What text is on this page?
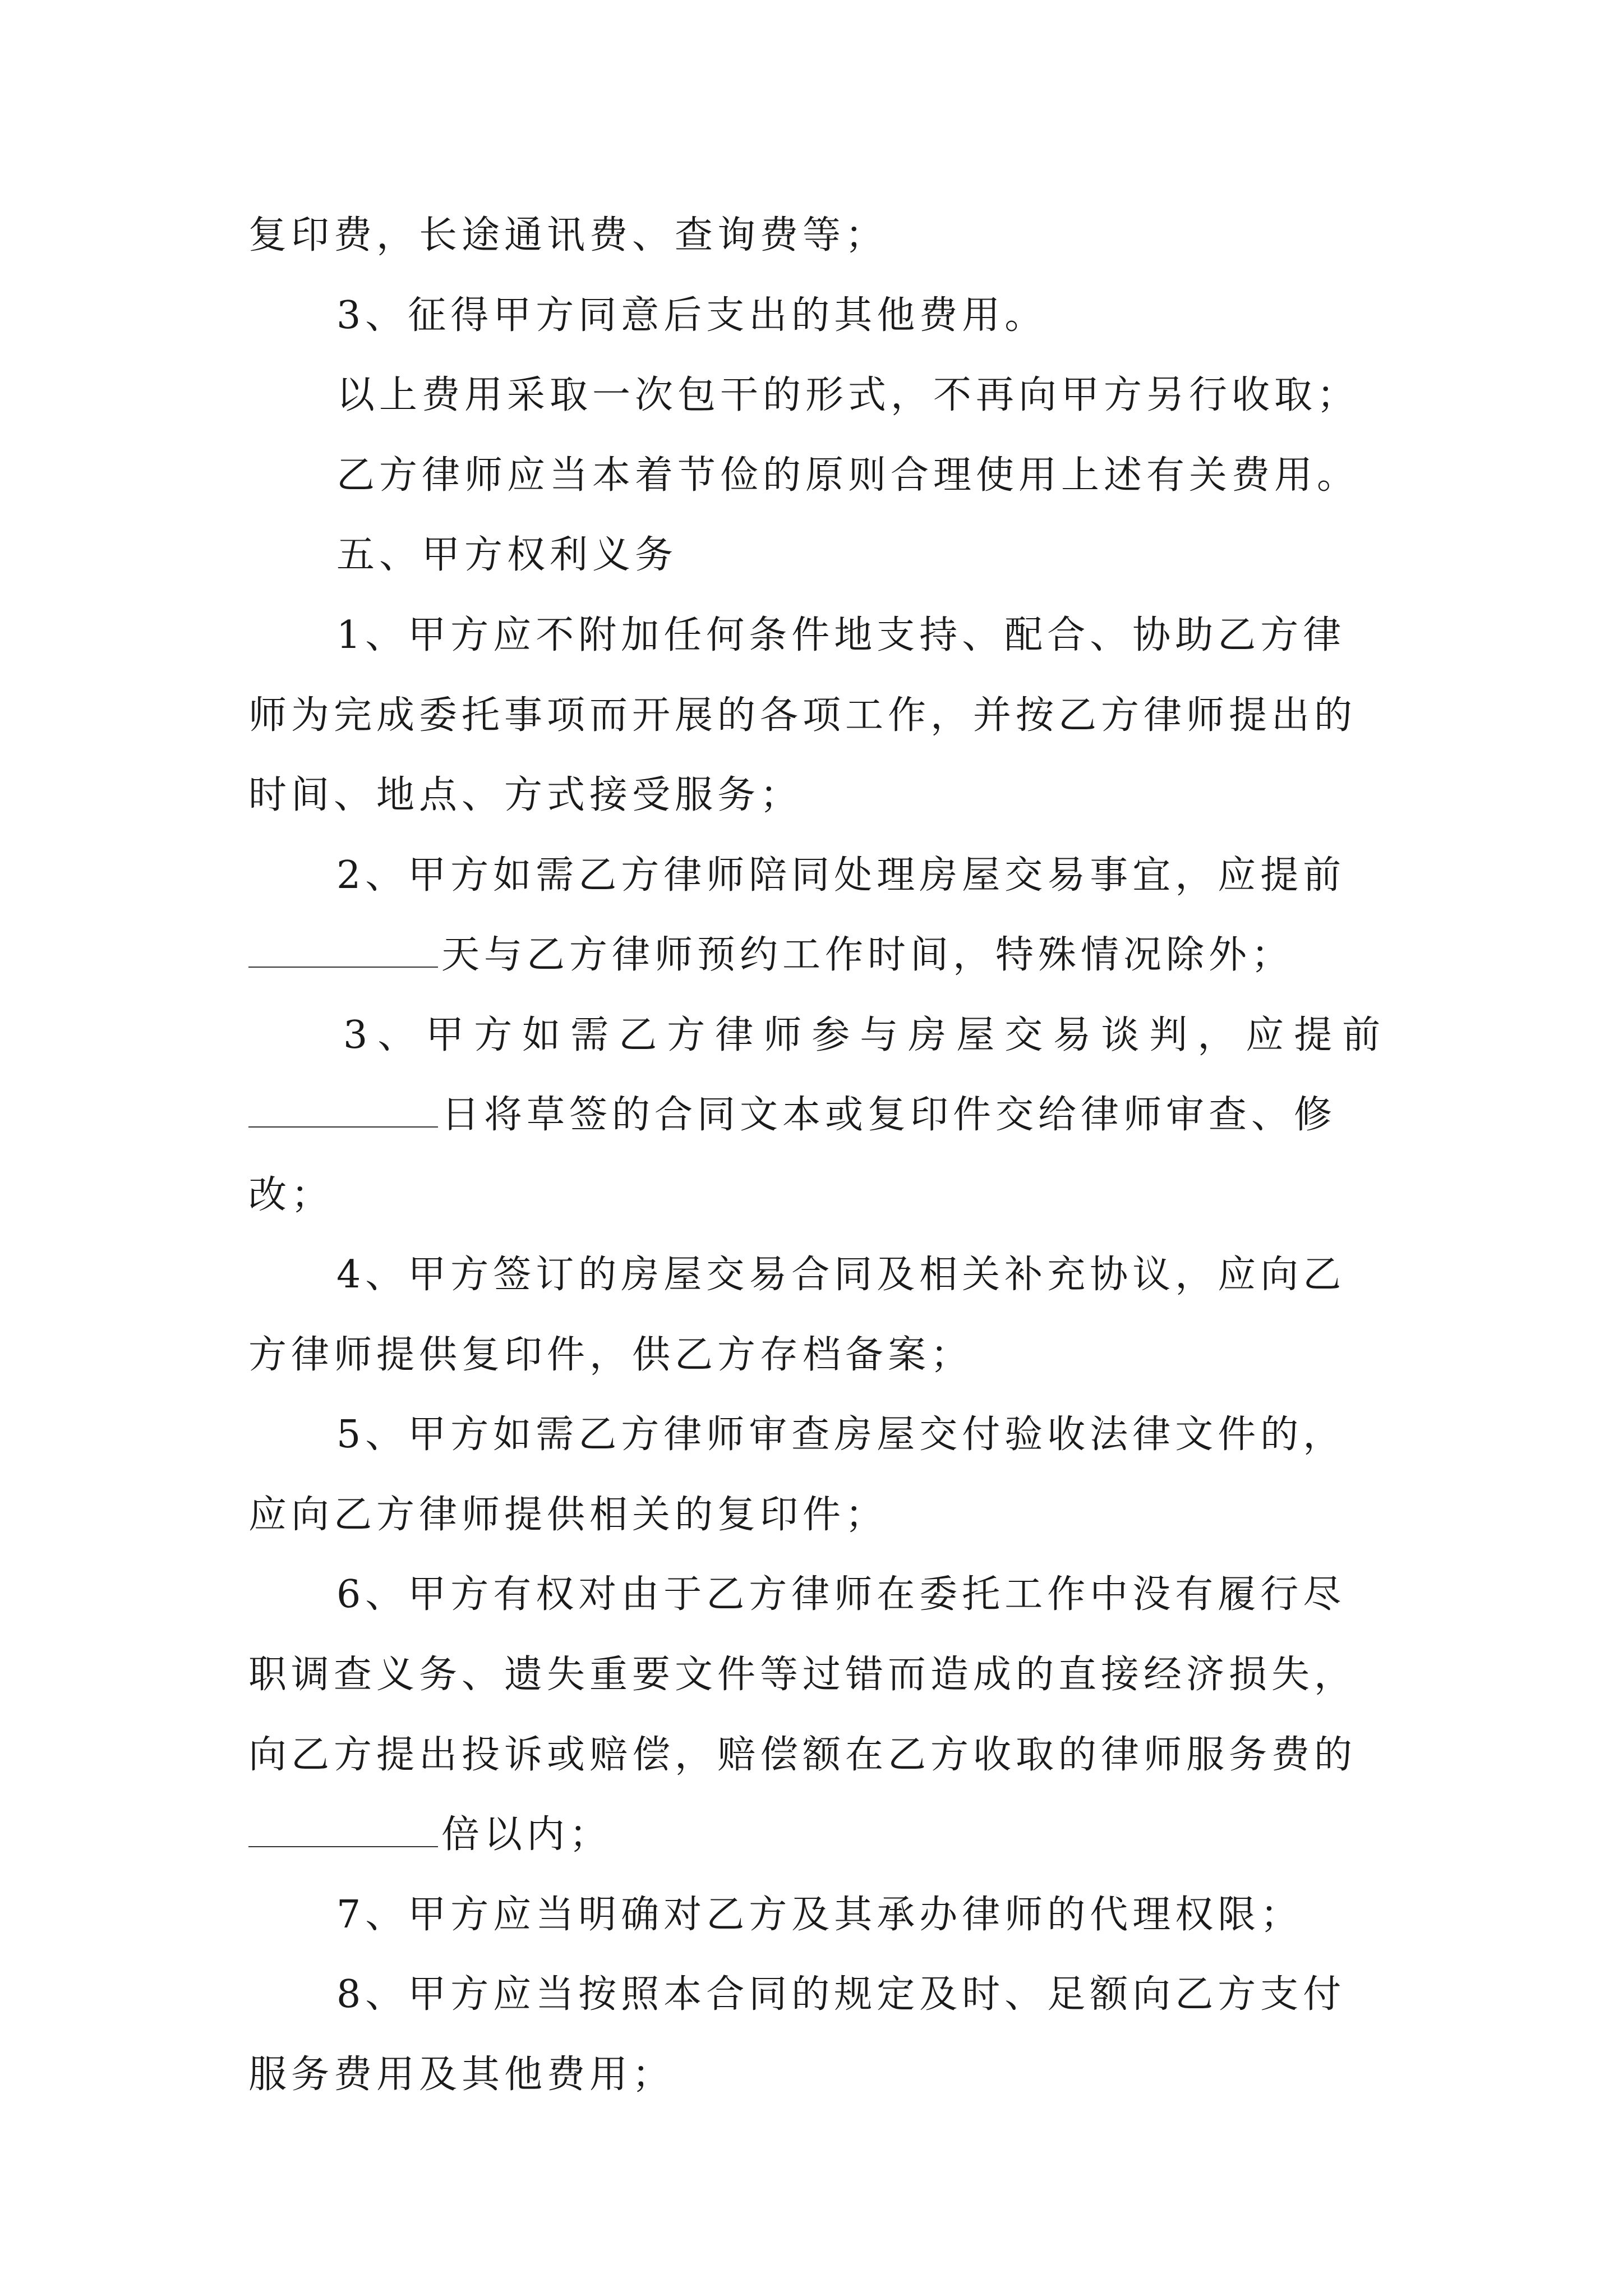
复印费，长途通讯费、查询费等；
3、征得甲方同意后支出的其他费用。
以上费用采取一次包干的形式，不再向甲方另行收取；
乙方律师应当本着节俭的原则合理使用上述有关费用。
五、甲方权利义务
1、甲方应不附加任何条件地支持、配合、协助乙方律
师为完成委托事项而开展的各项工作，并按乙方律师提出的
时间、地点、方式接受服务；
2、甲方如需乙方律师陪同处理房屋交易事宜，应提前
天与乙方律师预约工作时间，特殊情况除外；
3、甲方如需乙方律师参与房屋交易谈判，应提前
日将草签的合同文本或复印件交给律师审查、修
改；
4、甲方签订的房屋交易合同及相关补充协议，应向乙
方律师提供复印件，供乙方存档备案；
5、甲方如需乙方律师审查房屋交付验收法律文件的，
应向乙方律师提供相关的复印件；
6、甲方有权对由于乙方律师在委托工作中没有履行尽
职调查义务、遗失重要文件等过错而造成的直接经济损失，
向乙方提出投诉或赔偿，赔偿额在乙方收取的律师服务费的
倍以内；
7、甲方应当明确对乙方及其承办律师的代理权限；
8、甲方应当按照本合同的规定及时、足额向乙方支付
服务费用及其他费用；
